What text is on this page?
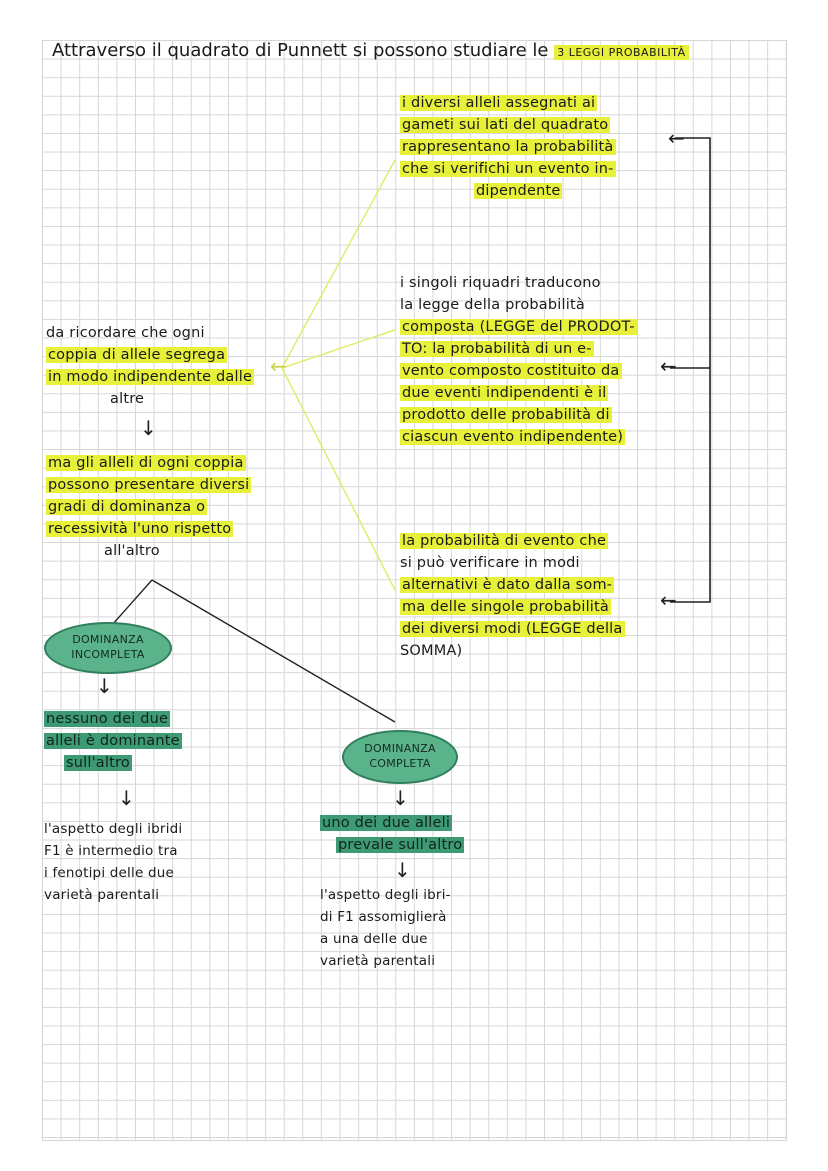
Attraverso il quadrato di Punnett si possono studiare le 3 LEGGI PROBABILITÀ
i diversi alleli assegnati ai
gameti sui lati del quadrato
rappresentano la probabilità
che si verifichi un evento in-
dipendente
←
i singoli riquadri traducono
la legge della probabilità
composta (LEGGE del PRODOT-
TO: la probabilità di un e-
vento composto costituito da
due eventi indipendenti è il
prodotto delle probabilità di
ciascun evento indipendente)
←
la probabilità di evento che
si può verificare in modi
alternativi è dato dalla som-
ma delle singole probabilità
dei diversi modi (LEGGE della
SOMMA)
←
da ricordare che ogni
coppia di allele segrega
in modo indipendente dalle
altre
←
↓
ma gli alleli di ogni coppia
possono presentare diversi
gradi di dominanza o
recessività l'uno rispetto
all'altro
DOMINANZA
INCOMPLETA
↓
nessuno dei due
alleli è dominante
sull'altro
↓
l'aspetto degli ibridi
F1 è intermedio tra
i fenotipi delle due
varietà parentali
DOMINANZA
COMPLETA
↓
uno dei due alleli
prevale sull'altro
↓
l'aspetto degli ibri-
di F1 assomiglierà
a una delle due
varietà parentali
